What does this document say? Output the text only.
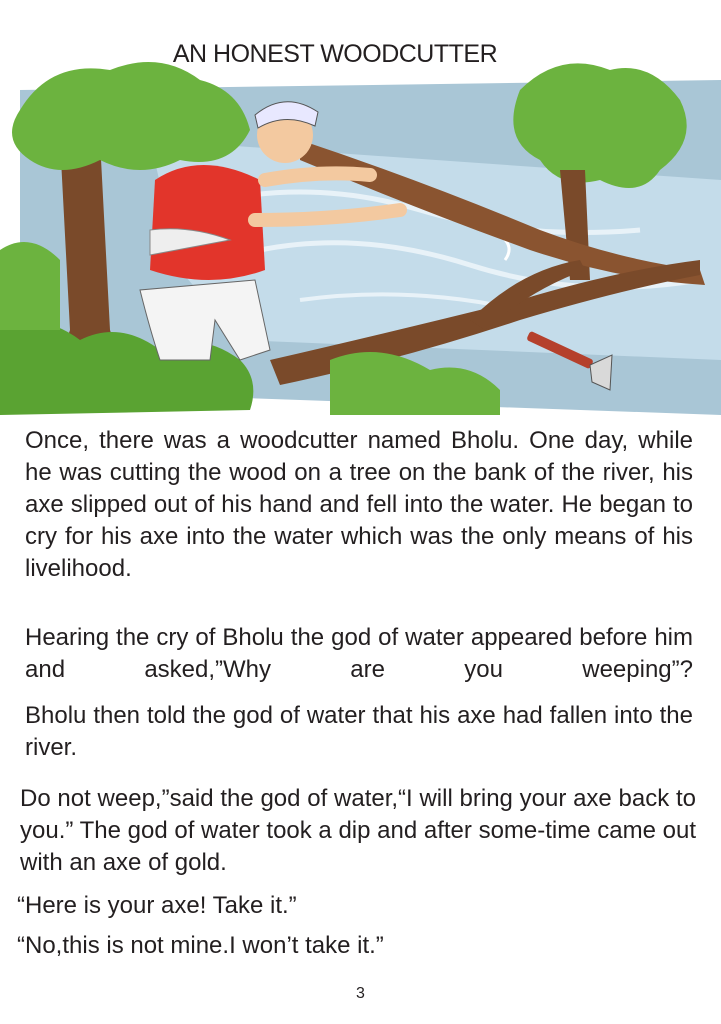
AN HONEST WOODCUTTER
Once, there was a woodcutter named Bholu. One day, while he was cutting the wood on a tree on the bank of the river, his axe slipped out of his hand and fell into the water. He began to cry for his axe into the water which was the only means of his livelihood.
Hearing the cry of Bholu the god of water appeared before him and asked,”Why are you weeping”?
Bholu then told the god of water that his axe had fallen into the river.
Do not weep,”said the god of water,“I will bring your axe back to you.” The god of water took a dip and after some-time came out with an axe of gold.
“Here is your axe! Take it.”
“No,this is not mine.I won’t take it.”
3
